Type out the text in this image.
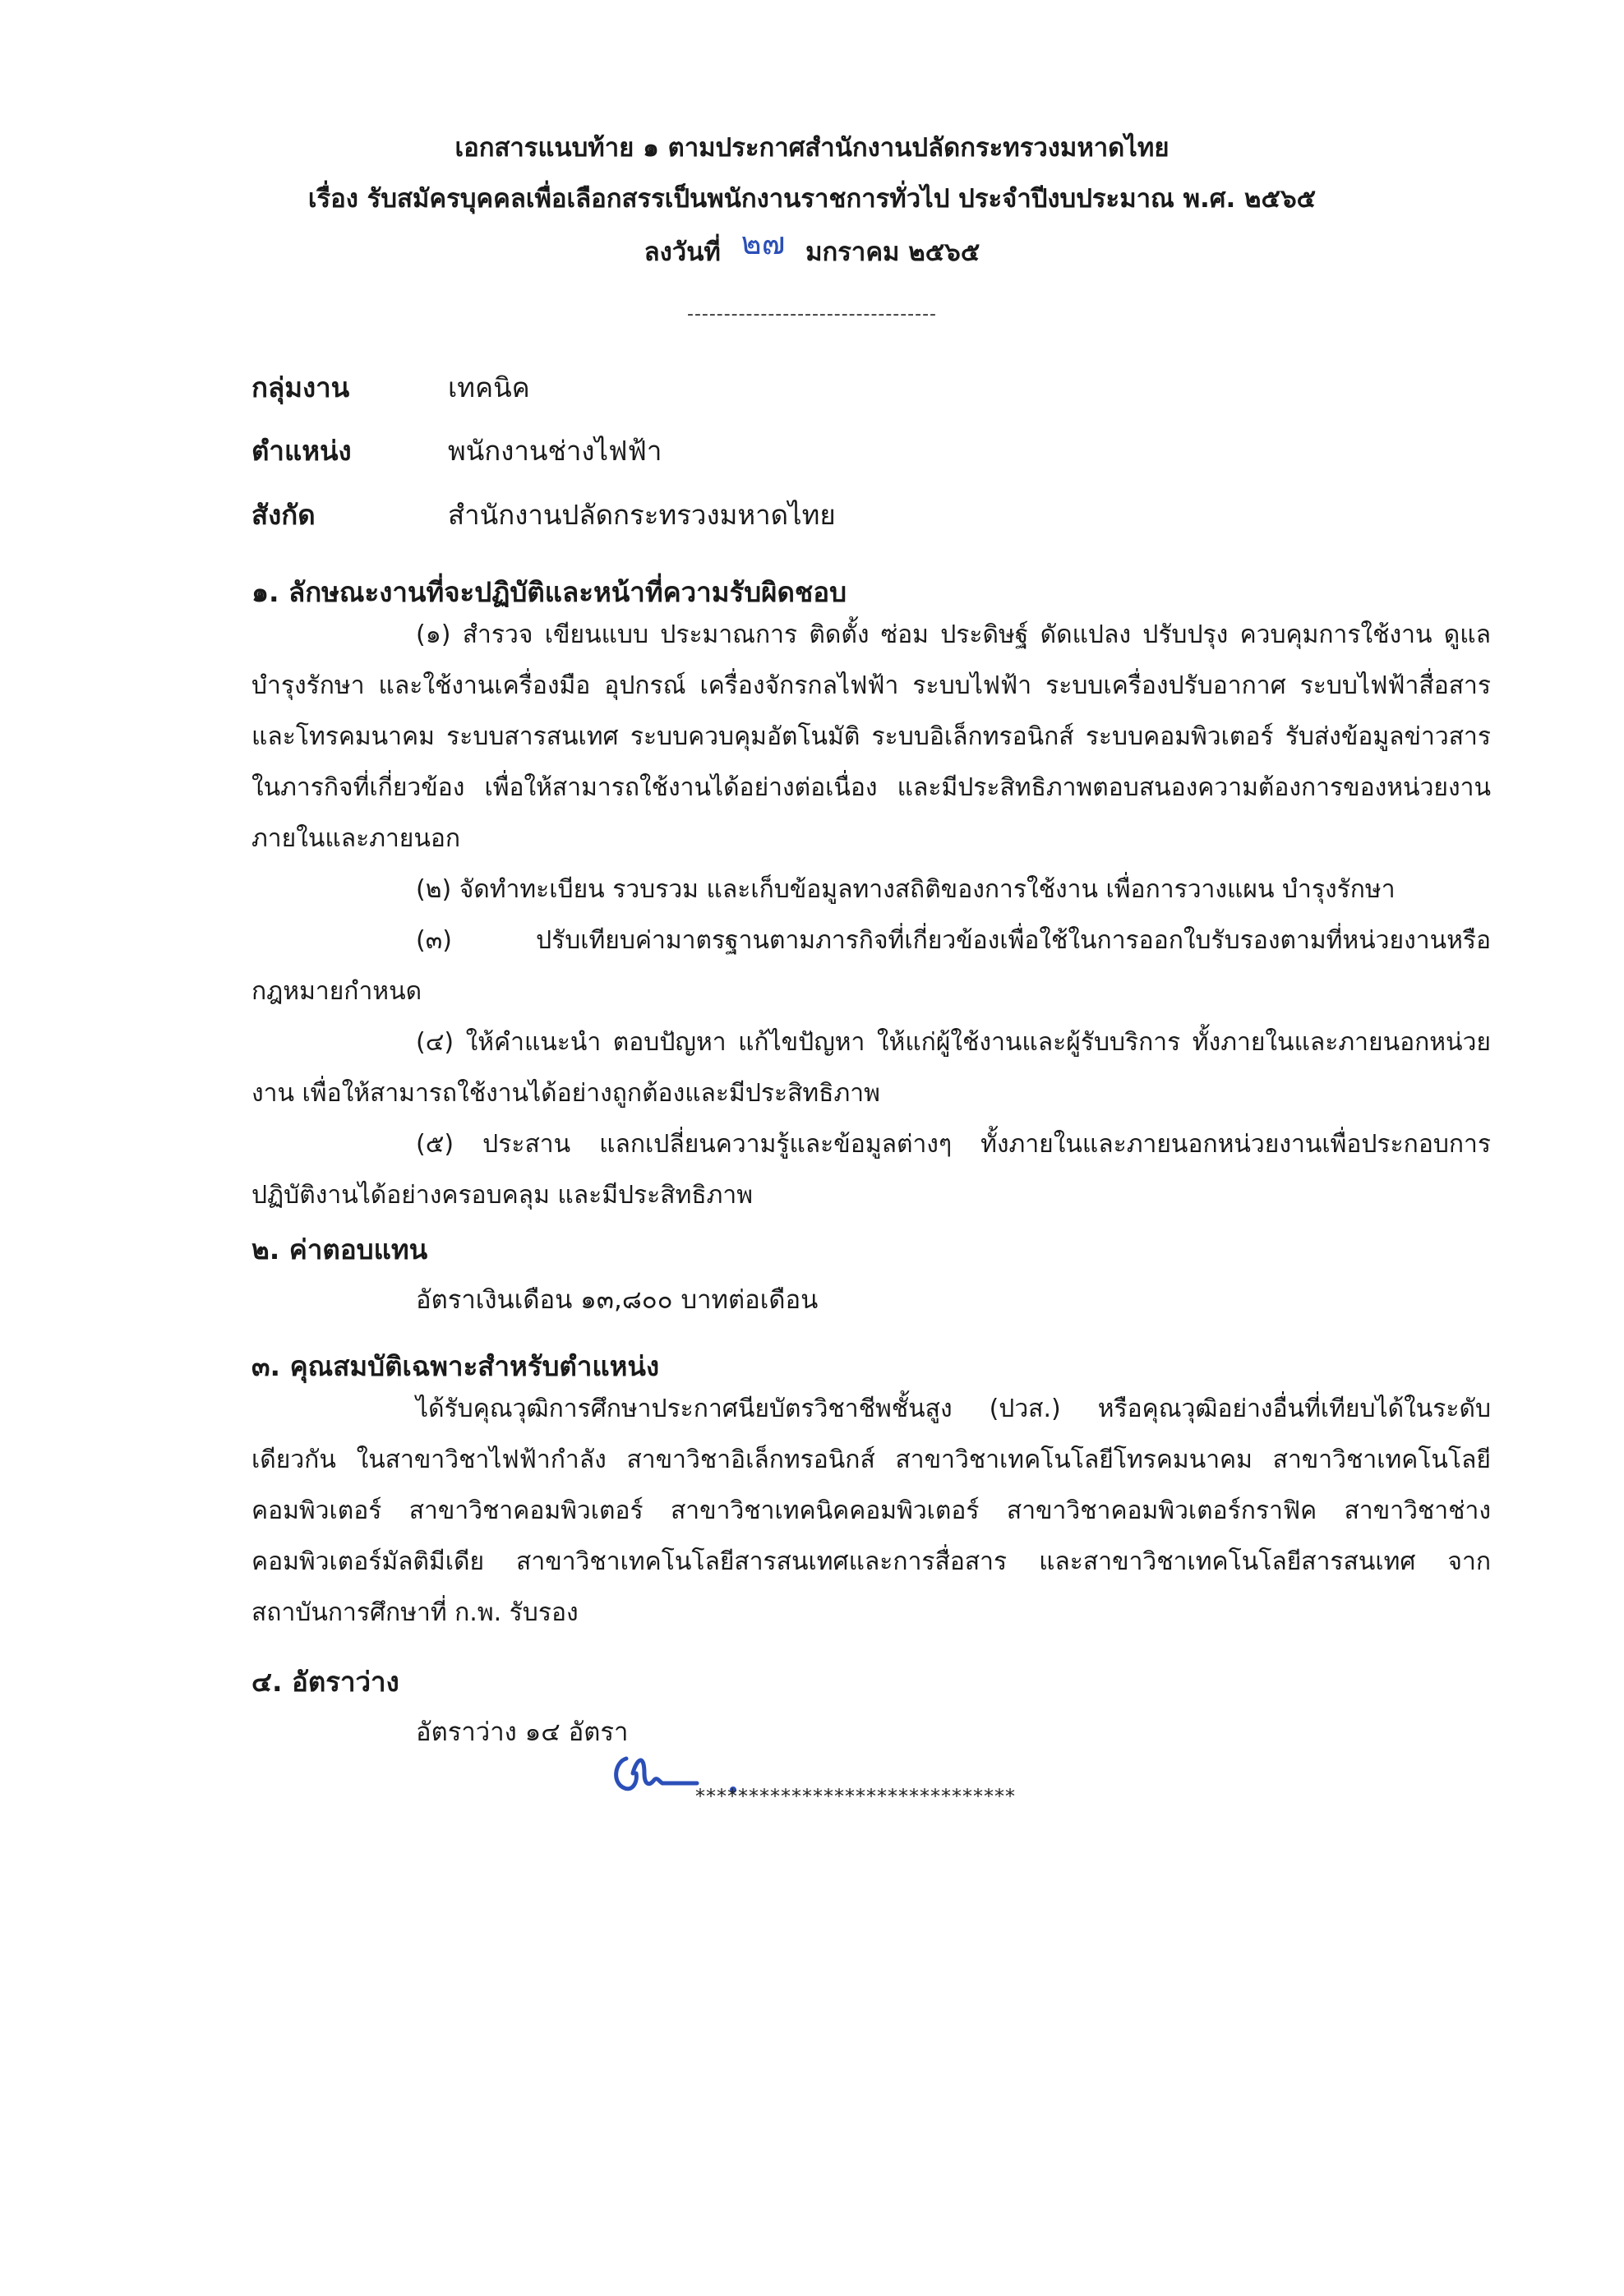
เอกสารแนบท้าย ๑ ตามประกาศสำนักงานปลัดกระทรวงมหาดไทย
เรื่อง รับสมัครบุคคลเพื่อเลือกสรรเป็นพนักงานราชการทั่วไป ประจำปีงบประมาณ พ.ศ. ๒๕๖๕
ลงวันที่ ๒๗ มกราคม ๒๕๖๕
----------------------------------
กลุ่มงาน	เทคนิค
ตำแหน่ง	พนักงานช่างไฟฟ้า
สังกัด	สำนักงานปลัดกระทรวงมหาดไทย
๑. ลักษณะงานที่จะปฏิบัติและหน้าที่ความรับผิดชอบ

(๑) สำรวจ เขียนแบบ ประมาณการ ติดตั้ง ซ่อม ประดิษฐ์ ดัดแปลง ปรับปรุง ควบคุมการใช้งาน ดูแล บำรุงรักษา และใช้งานเครื่องมือ อุปกรณ์ เครื่องจักรกลไฟฟ้า ระบบไฟฟ้า ระบบเครื่องปรับอากาศ ระบบไฟฟ้าสื่อสารและโทรคมนาคม ระบบสารสนเทศ ระบบควบคุมอัตโนมัติ ระบบอิเล็กทรอนิกส์ ระบบคอมพิวเตอร์ รับส่งข้อมูลข่าวสารในภารกิจที่เกี่ยวข้อง เพื่อให้สามารถใช้งานได้อย่างต่อเนื่อง และมีประสิทธิภาพตอบสนองความต้องการของหน่วยงานภายในและภายนอก

(๒) จัดทำทะเบียน รวบรวม และเก็บข้อมูลทางสถิติของการใช้งาน เพื่อการวางแผน บำรุงรักษา

(๓) ปรับเทียบค่ามาตรฐานตามภารกิจที่เกี่ยวข้องเพื่อใช้ในการออกใบรับรองตามที่หน่วยงานหรือกฎหมายกำหนด

(๔) ให้คำแนะนำ ตอบปัญหา แก้ไขปัญหา ให้แก่ผู้ใช้งานและผู้รับบริการ ทั้งภายในและภายนอกหน่วยงาน เพื่อให้สามารถใช้งานได้อย่างถูกต้องและมีประสิทธิภาพ

(๕) ประสาน แลกเปลี่ยนความรู้และข้อมูลต่างๆ ทั้งภายในและภายนอกหน่วยงานเพื่อประกอบการปฏิบัติงานได้อย่างครอบคลุม และมีประสิทธิภาพ

๒. ค่าตอบแทน
อัตราเงินเดือน ๑๓,๘๐๐ บาทต่อเดือน
๓. คุณสมบัติเฉพาะสำหรับตำแหน่ง

ได้รับคุณวุฒิการศึกษาประกาศนียบัตรวิชาชีพชั้นสูง (ปวส.) หรือคุณวุฒิอย่างอื่นที่เทียบได้ในระดับเดียวกัน ในสาขาวิชาไฟฟ้ากำลัง สาขาวิชาอิเล็กทรอนิกส์ สาขาวิชาเทคโนโลยีโทรคมนาคม สาขาวิชาเทคโนโลยีคอมพิวเตอร์ สาขาวิชาคอมพิวเตอร์ สาขาวิชาเทคนิคคอมพิวเตอร์ สาขาวิชาคอมพิวเตอร์กราฟิค สาขาวิชาช่างคอมพิวเตอร์มัลติมีเดีย สาขาวิชาเทคโนโลยีสารสนเทศและการสื่อสาร และสาขาวิชาเทคโนโลยีสารสนเทศ จากสถาบันการศึกษาที่ ก.พ. รับรอง

๔. อัตราว่าง
อัตราว่าง ๑๔ อัตรา
******************************
